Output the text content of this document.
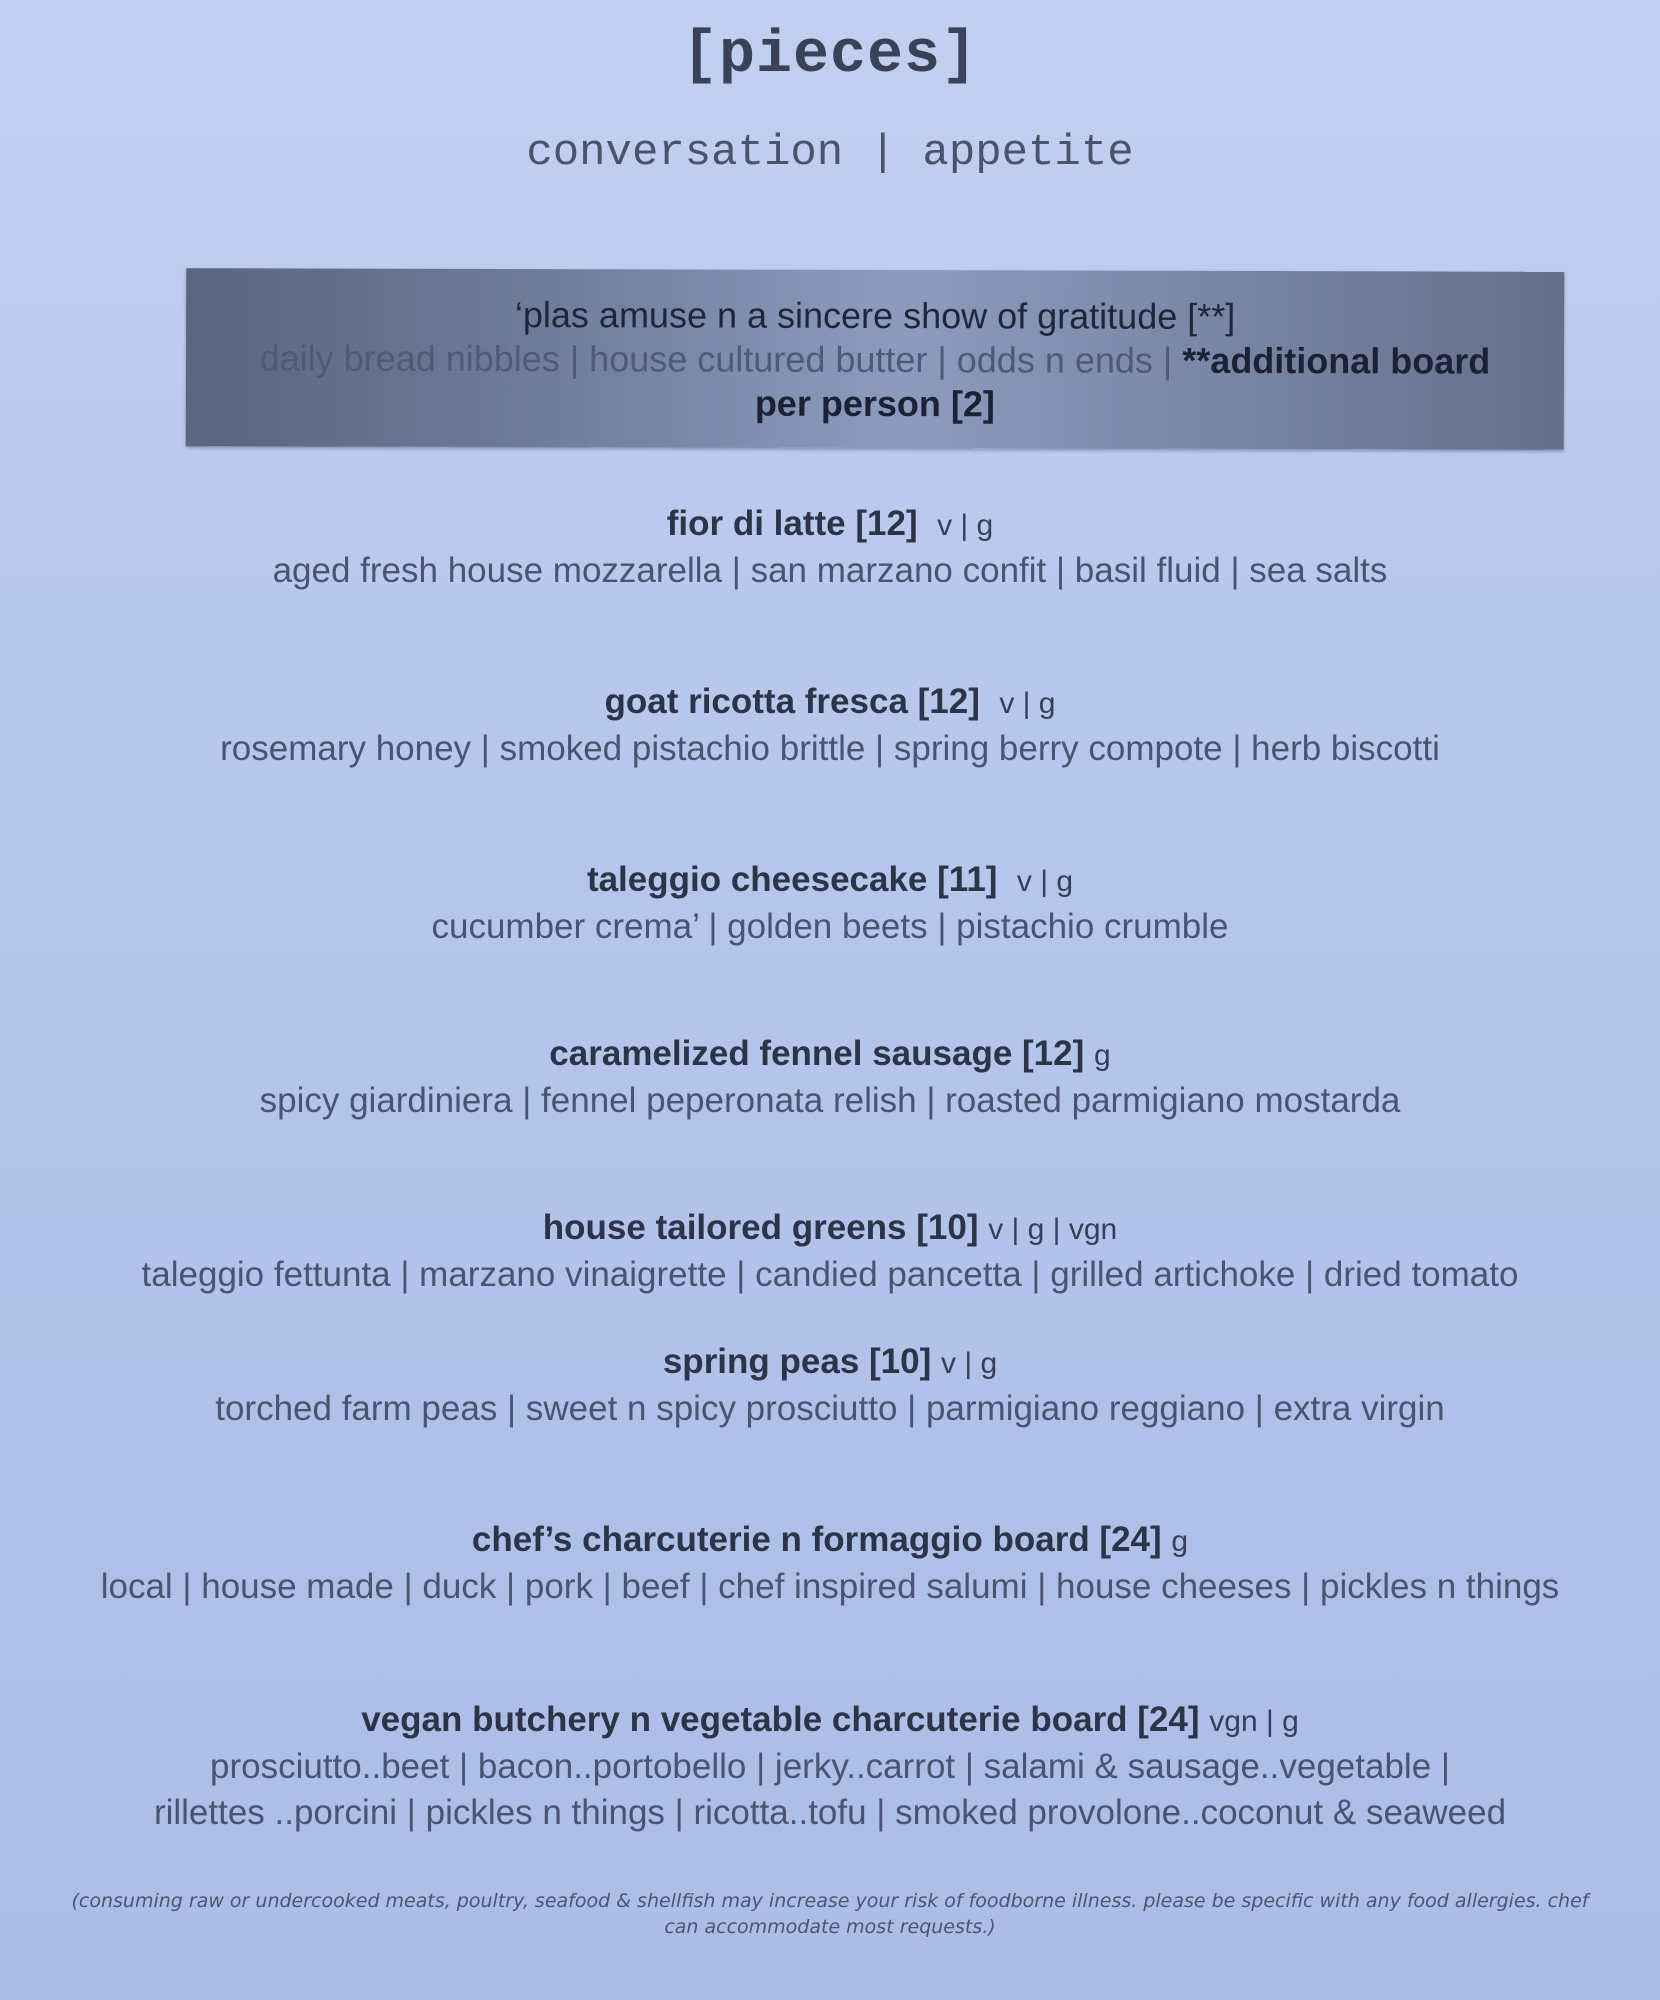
[pieces]
conversation | appetite
‘plas amuse n a sincere show of gratitude [**]
daily bread nibbles | house cultured butter | odds n ends | **additional board
per person [2]
fior di latte [12] v | g
aged fresh house mozzarella | san marzano confit | basil fluid | sea salts
goat ricotta fresca [12] v | g
rosemary honey | smoked pistachio brittle | spring berry compote | herb biscotti
taleggio cheesecake [11] v | g
cucumber crema’ | golden beets | pistachio crumble
caramelized fennel sausage [12] g
spicy giardiniera | fennel peperonata relish | roasted parmigiano mostarda
house tailored greens [10] v | g | vgn
taleggio fettunta | marzano vinaigrette | candied pancetta | grilled artichoke | dried tomato
spring peas [10] v | g
torched farm peas | sweet n spicy prosciutto | parmigiano reggiano | extra virgin
chef’s charcuterie n formaggio board [24] g
local | house made | duck | pork | beef | chef inspired salumi | house cheeses | pickles n things
vegan butchery n vegetable charcuterie board [24] vgn | g
prosciutto..beet | bacon..portobello | jerky..carrot | salami & sausage..vegetable |
rillettes ..porcini | pickles n things | ricotta..tofu | smoked provolone..coconut & seaweed
(consuming raw or undercooked meats, poultry, seafood & shellfish may increase your risk of foodborne illness. please be specific with any food allergies. chef can accommodate most requests.)
